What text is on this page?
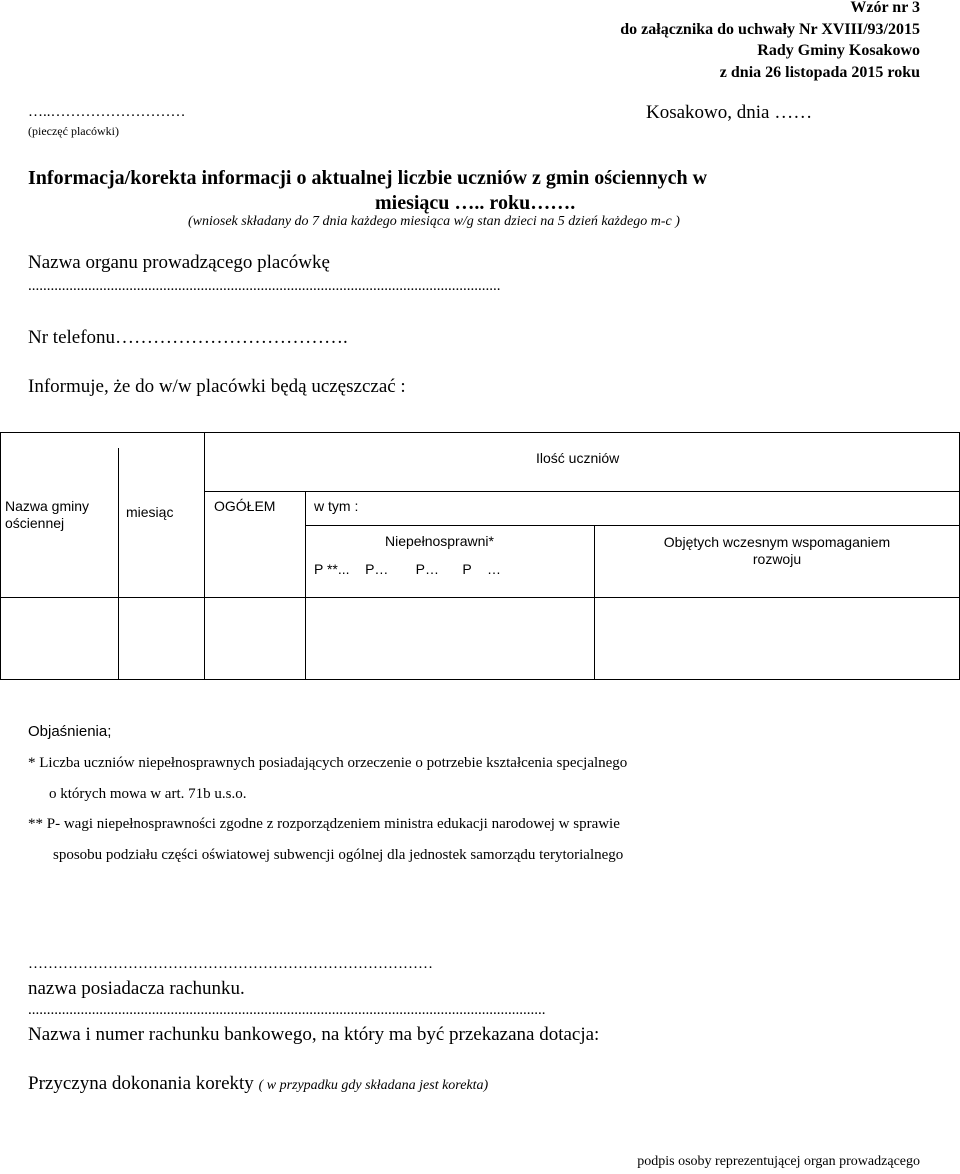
Wzór nr 3
do załącznika do uchwały Nr XVIII/93/2015
Rady Gminy Kosakowo
z dnia 26 listopada 2015 roku
…..………………………
(pieczęć placówki)
Kosakowo, dnia ……
Informacja/korekta informacji o aktualnej liczbie uczniów z gmin ościennych w
miesiącu ….. roku…….
(wniosek składany do 7 dnia każdego miesiąca w/g stan dzieci na 5 dzień każdego m-c )
Nazwa organu prowadzącego placówkę
..............................................................................................................................
Nr telefonu……………………………….
Informuje, że do w/w placówki będą uczęszczać :
Ilość uczniów
Nazwa gminy
ościennej
miesiąc	OGÓŁEM	w tym :
Niepełnosprawni*
P **...    P…       P…      P    …
Objętych wczesnym wspomaganiem
rozwoju
Objaśnienia;
* Liczba uczniów niepełnosprawnych posiadających orzeczenie o potrzebie kształcenia specjalnego
o których mowa w art. 71b u.s.o.
** P- wagi niepełnosprawności zgodne z rozporządzeniem ministra edukacji narodowej w sprawie
sposobu podziału części oświatowej subwencji ogólnej dla jednostek samorządu terytorialnego
………………………………………………………………………
nazwa posiadacza rachunku.
..........................................................................................................................................
Nazwa i numer rachunku bankowego, na który ma być przekazana dotacja:
Przyczyna dokonania korekty ( w przypadku gdy składana jest korekta)
podpis osoby reprezentującej organ prowadzącego
